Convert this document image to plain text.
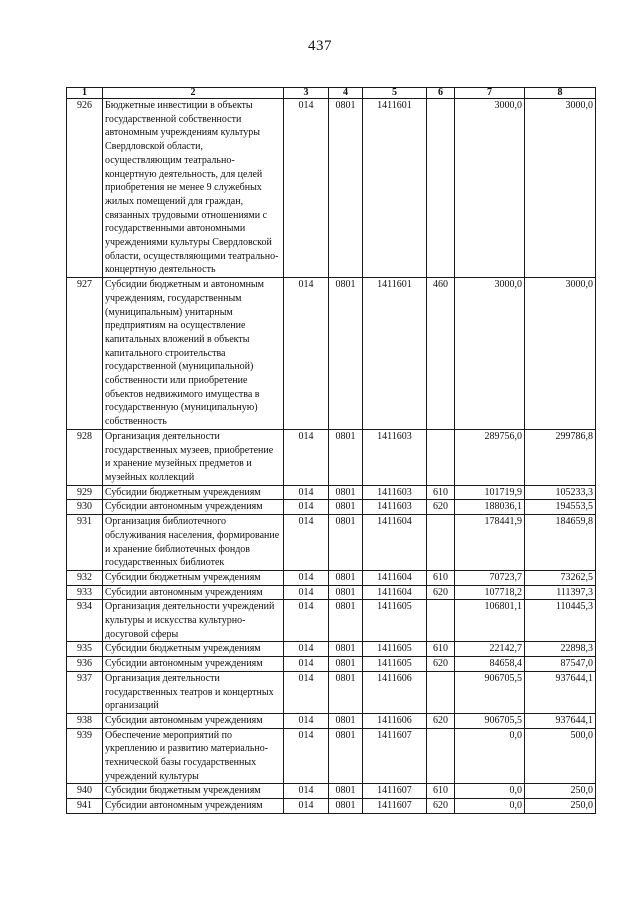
437
1	2	3	4	5	6	7	8
926	Бюджетные инвестиции в объекты государственной собственности автономным учреждениям культуры Свердловской области, осуществляющим театрально-концертную деятельность, для целей приобретения не менее 9 служебных жилых помещений для граждан, связанных трудовыми отношениями с государственными автономными учреждениями культуры Свердловской области, осуществляющими театрально-концертную деятельность	014	0801	1411601		3000,0	3000,0
927	Субсидии бюджетным и автономным учреждениям, государственным (муниципальным) унитарным предприятиям на осуществление капитальных вложений в объекты капитального строительства государственной (муниципальной) собственности или приобретение объектов недвижимого имущества в государственную (муниципальную) собственность	014	0801	1411601	460	3000,0	3000,0
928	Организация деятельности государственных музеев, приобретение и хранение музейных предметов и музейных коллекций	014	0801	1411603		289756,0	299786,8
929	Субсидии бюджетным учреждениям	014	0801	1411603	610	101719,9	105233,3
930	Субсидии автономным учреждениям	014	0801	1411603	620	188036,1	194553,5
931	Организация библиотечного обслуживания населения, формирование и хранение библиотечных фондов государственных библиотек	014	0801	1411604		178441,9	184659,8
932	Субсидии бюджетным учреждениям	014	0801	1411604	610	70723,7	73262,5
933	Субсидии автономным учреждениям	014	0801	1411604	620	107718,2	111397,3
934	Организация деятельности учреждений культуры и искусства культурно-досуговой сферы	014	0801	1411605		106801,1	110445,3
935	Субсидии бюджетным учреждениям	014	0801	1411605	610	22142,7	22898,3
936	Субсидии автономным учреждениям	014	0801	1411605	620	84658,4	87547,0
937	Организация деятельности государственных театров и концертных организаций	014	0801	1411606		906705,5	937644,1
938	Субсидии автономным учреждениям	014	0801	1411606	620	906705,5	937644,1
939	Обеспечение мероприятий по укреплению и развитию материально-технической базы государственных учреждений культуры	014	0801	1411607		0,0	500,0
940	Субсидии бюджетным учреждениям	014	0801	1411607	610	0,0	250,0
941	Субсидии автономным учреждениям	014	0801	1411607	620	0,0	250,0
